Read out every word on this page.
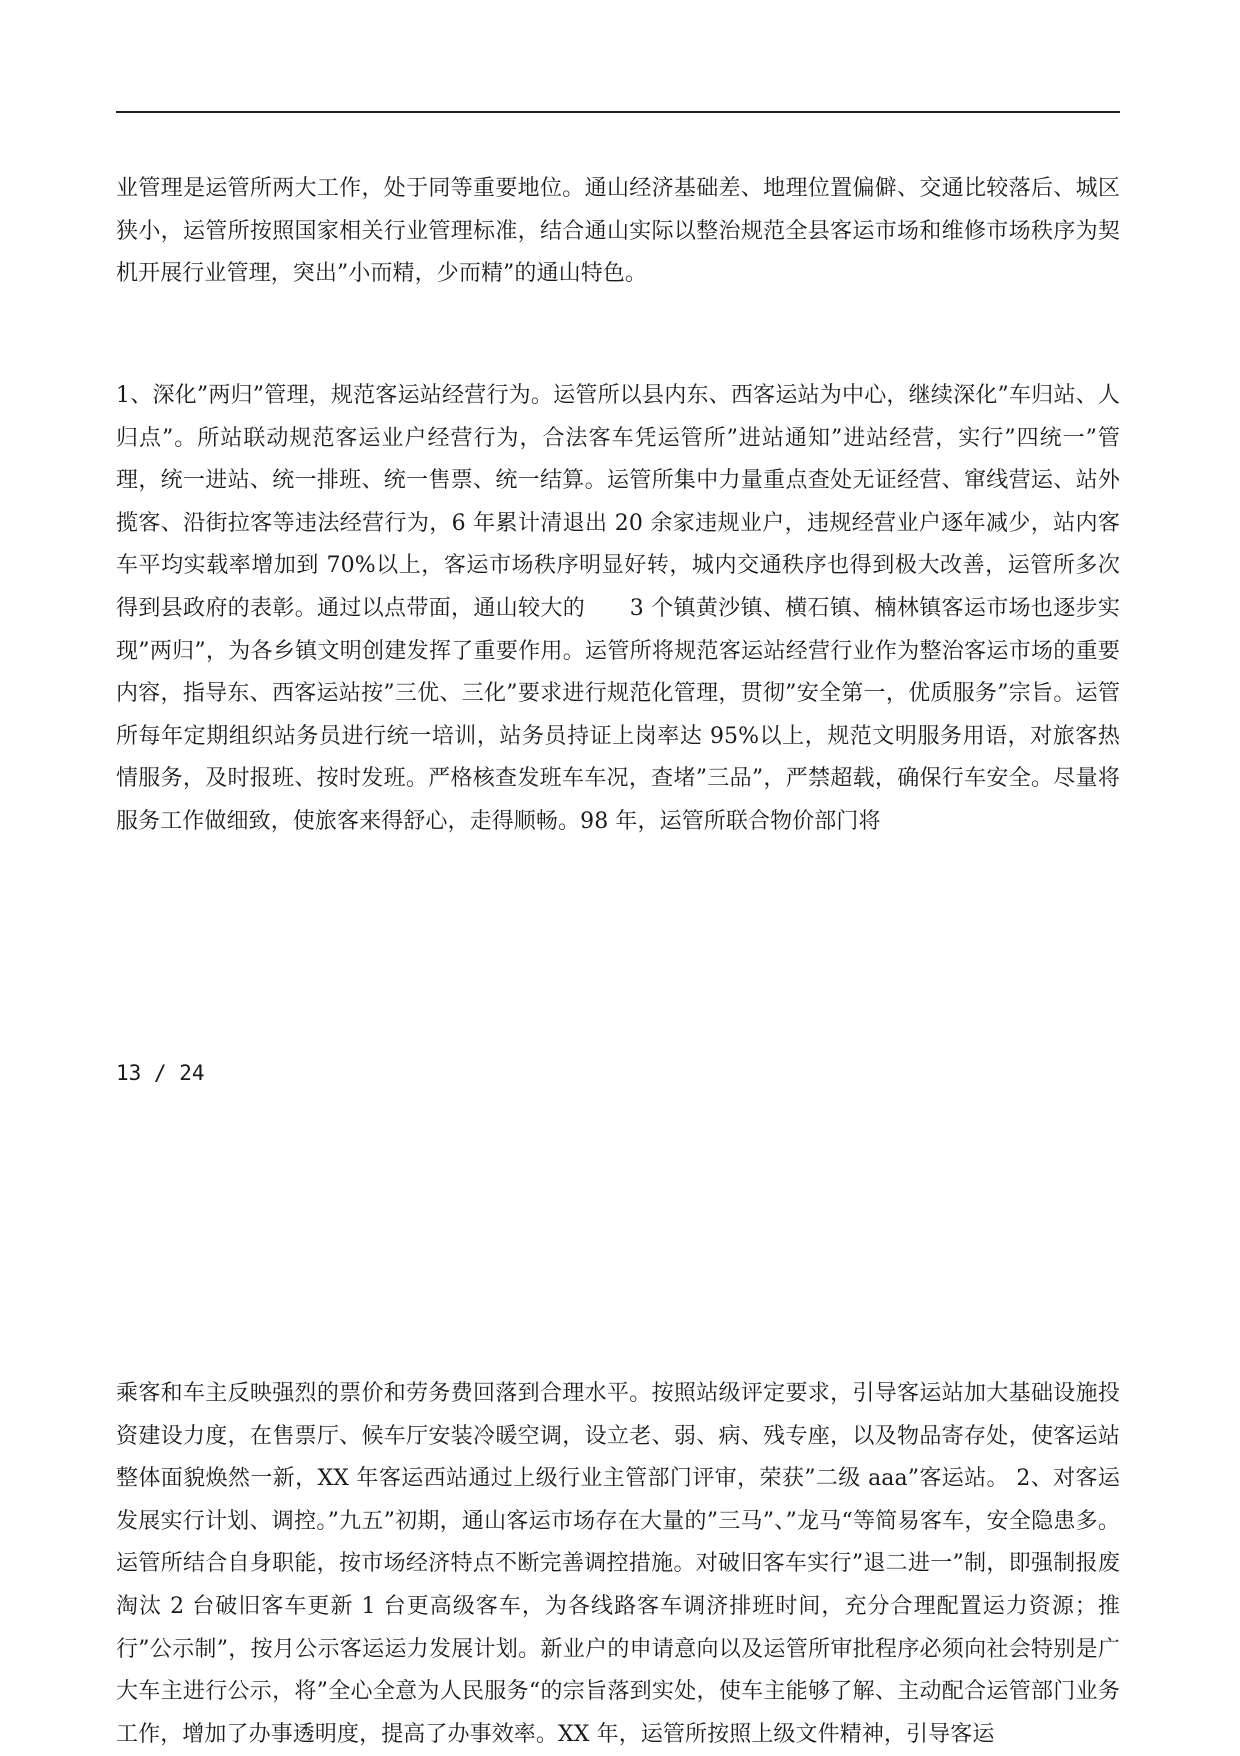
业管理是运管所两大工作，处于同等重要地位。通山经济基础差、地理位置偏僻、交通比较落后、城区狭小，运管所按照国家相关行业管理标准，结合通山实际以整治规范全县客运市场和维修市场秩序为契机开展行业管理，突出”小而精，少而精”的通山特色。

1、深化”两归”管理，规范客运站经营行为。运管所以县内东、西客运站为中心，继续深化”车归站、人归点”。所站联动规范客运业户经营行为，合法客车凭运管所”进站通知”进站经营，实行”四统一”管理，统一进站、统一排班、统一售票、统一结算。运管所集中力量重点查处无证经营、窜线营运、站外揽客、沿街拉客等违法经营行为，6 年累计清退出 20 余家违规业户，违规经营业户逐年减少，站内客车平均实载率增加到 70%以上，客运市场秩序明显好转，城内交通秩序也得到极大改善，运管所多次得到县政府的表彰。通过以点带面，通山较大的　　3 个镇黄沙镇、横石镇、楠林镇客运市场也逐步实现”两归”，为各乡镇文明创建发挥了重要作用。运管所将规范客运站经营行业作为整治客运市场的重要内容，指导东、西客运站按”三优、三化”要求进行规范化管理，贯彻”安全第一，优质服务”宗旨。运管所每年定期组织站务员进行统一培训，站务员持证上岗率达 95%以上，规范文明服务用语，对旅客热情服务，及时报班、按时发班。严格核查发班车车况，查堵”三品”，严禁超载，确保行车安全。尽量将服务工作做细致，使旅客来得舒心，走得顺畅。98 年，运管所联合物价部门将

13 / 24

乘客和车主反映强烈的票价和劳务费回落到合理水平。按照站级评定要求，引导客运站加大基础设施投资建设力度，在售票厅、候车厅安装冷暖空调，设立老、弱、病、残专座，以及物品寄存处，使客运站整体面貌焕然一新，XX 年客运西站通过上级行业主管部门评审，荣获”二级 aaa”客运站。 2、对客运发展实行计划、调控。”九五”初期，通山客运市场存在大量的”三马”、”龙马“等简易客车，安全隐患多。运管所结合自身职能，按市场经济特点不断完善调控措施。对破旧客车实行”退二进一”制，即强制报废淘汰 2 台破旧客车更新 1 台更高级客车，为各线路客车调济排班时间，充分合理配置运力资源；推行”公示制”，按月公示客运运力发展计划。新业户的申请意向以及运管所审批程序必须向社会特别是广大车主进行公示，将”全心全意为人民服务“的宗旨落到实处，使车主能够了解、主动配合运管部门业务工作，增加了办事透明度，提高了办事效率。XX 年，运管所按照上级文件精神，引导客运
